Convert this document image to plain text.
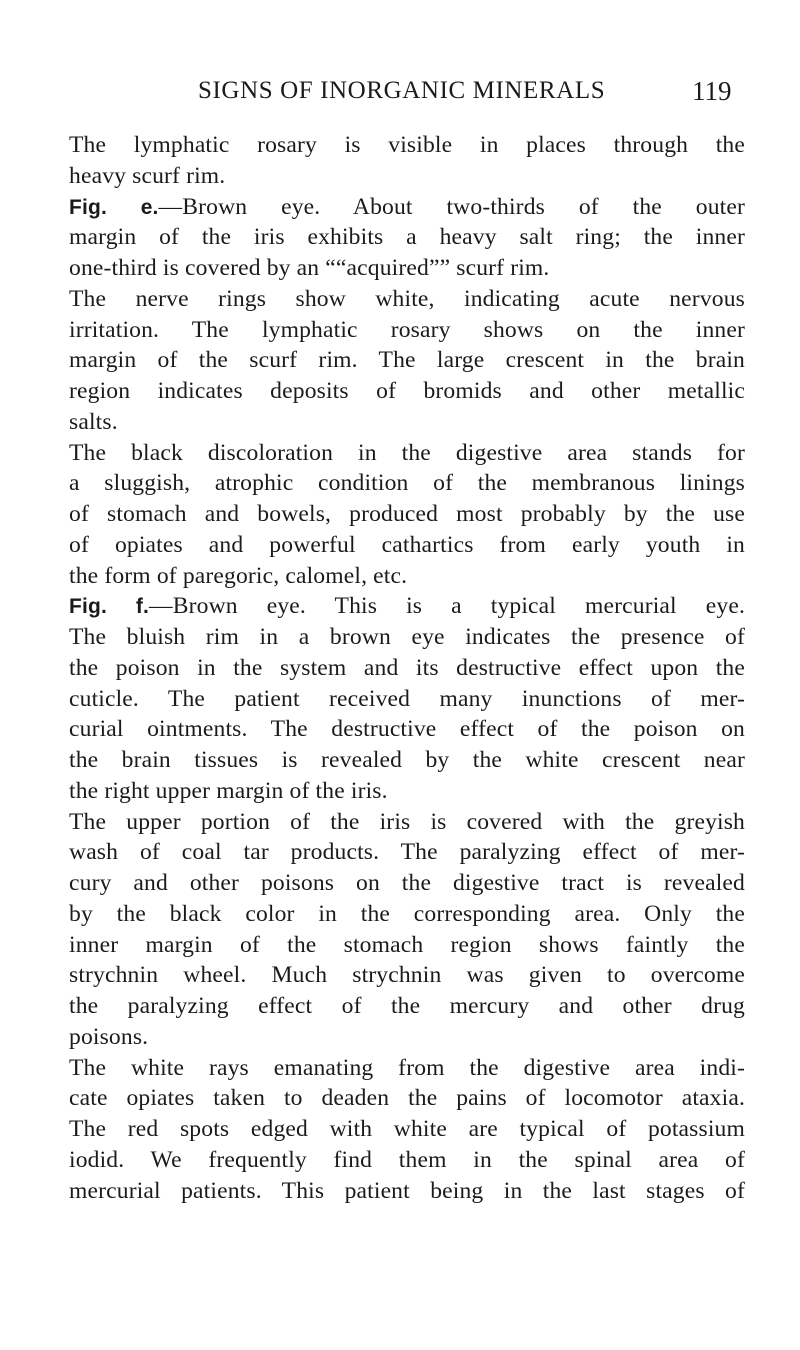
SIGNS OF INORGANIC MINERALS	119
The lymphatic rosary is visible in places through the
heavy scurf rim.
Fig. e.—Brown eye. About two-thirds of the outer
margin of the iris exhibits a heavy salt ring; the inner
one-third is covered by an ““acquired”” scurf rim.
The nerve rings show white, indicating acute nervous
irritation. The lymphatic rosary shows on the inner
margin of the scurf rim. The large crescent in the brain
region indicates deposits of bromids and other metallic
salts.
The black discoloration in the digestive area stands for
a sluggish, atrophic condition of the membranous linings
of stomach and bowels, produced most probably by the use
of opiates and powerful cathartics from early youth in
the form of paregoric, calomel, etc.
Fig. f.—Brown eye. This is a typical mercurial eye.
The bluish rim in a brown eye indicates the presence of
the poison in the system and its destructive effect upon the
cuticle. The patient received many inunctions of mer-
curial ointments. The destructive effect of the poison on
the brain tissues is revealed by the white crescent near
the right upper margin of the iris.
The upper portion of the iris is covered with the greyish
wash of coal tar products. The paralyzing effect of mer-
cury and other poisons on the digestive tract is revealed
by the black color in the corresponding area. Only the
inner margin of the stomach region shows faintly the
strychnin wheel. Much strychnin was given to overcome
the paralyzing effect of the mercury and other drug
poisons.
The white rays emanating from the digestive area indi-
cate opiates taken to deaden the pains of locomotor ataxia.
The red spots edged with white are typical of potassium
iodid. We frequently find them in the spinal area of
mercurial patients. This patient being in the last stages of
